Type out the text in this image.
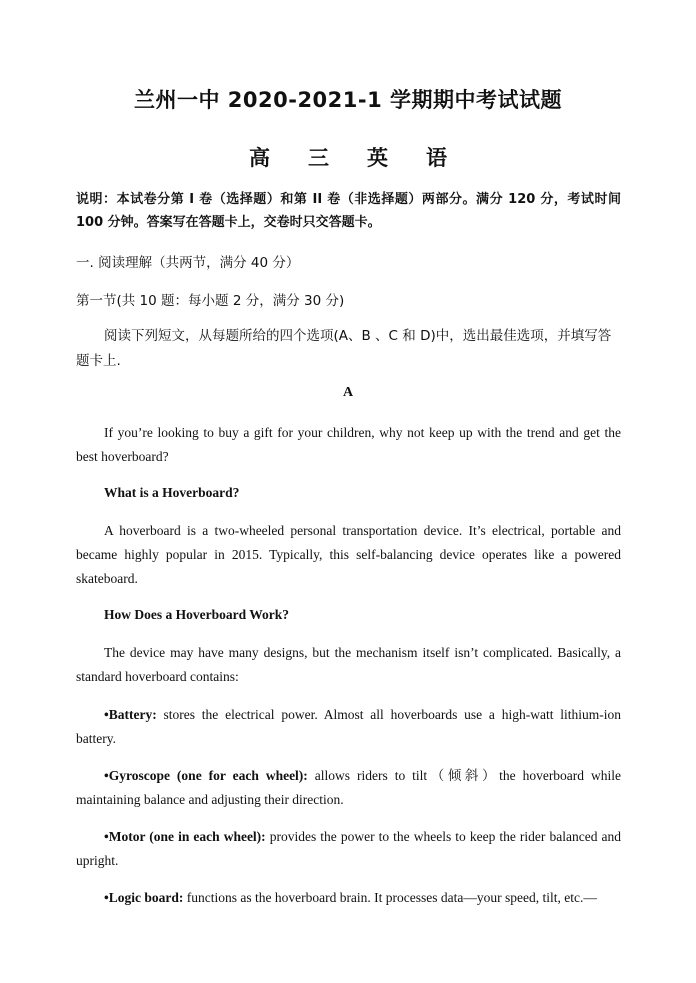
兰州一中 2020-2021-1 学期期中考试试题
高 三 英 语
说明：本试卷分第 I 卷（选择题）和第 II 卷（非选择题）两部分。满分 120 分，考试时间 100 分钟。答案写在答题卡上，交卷时只交答题卡。
一. 阅读理解（共两节，满分 40 分）
第一节(共 10 题：每小题 2 分，满分 30 分)
阅读下列短文，从每题所给的四个选项(A、B 、C 和 D)中，选出最佳选项，并填写答题卡上.
A
If you’re looking to buy a gift for your children, why not keep up with the trend and get the best hoverboard?
What is a Hoverboard?
A hoverboard is a two-wheeled personal transportation device. It’s electrical, portable and became highly popular in 2015. Typically, this self-balancing device operates like a powered skateboard.
How Does a Hoverboard Work?
The device may have many designs, but the mechanism itself isn’t complicated. Basically, a standard hoverboard contains:
•Battery: stores the electrical power. Almost all hoverboards use a high-watt lithium-ion battery.
•Gyroscope (one for each wheel): allows riders to tilt（倾斜）the hoverboard while maintaining balance and adjusting their direction.
•Motor (one in each wheel): provides the power to the wheels to keep the rider balanced and upright.
•Logic board: functions as the hoverboard brain. It processes data—your speed, tilt, etc.—
